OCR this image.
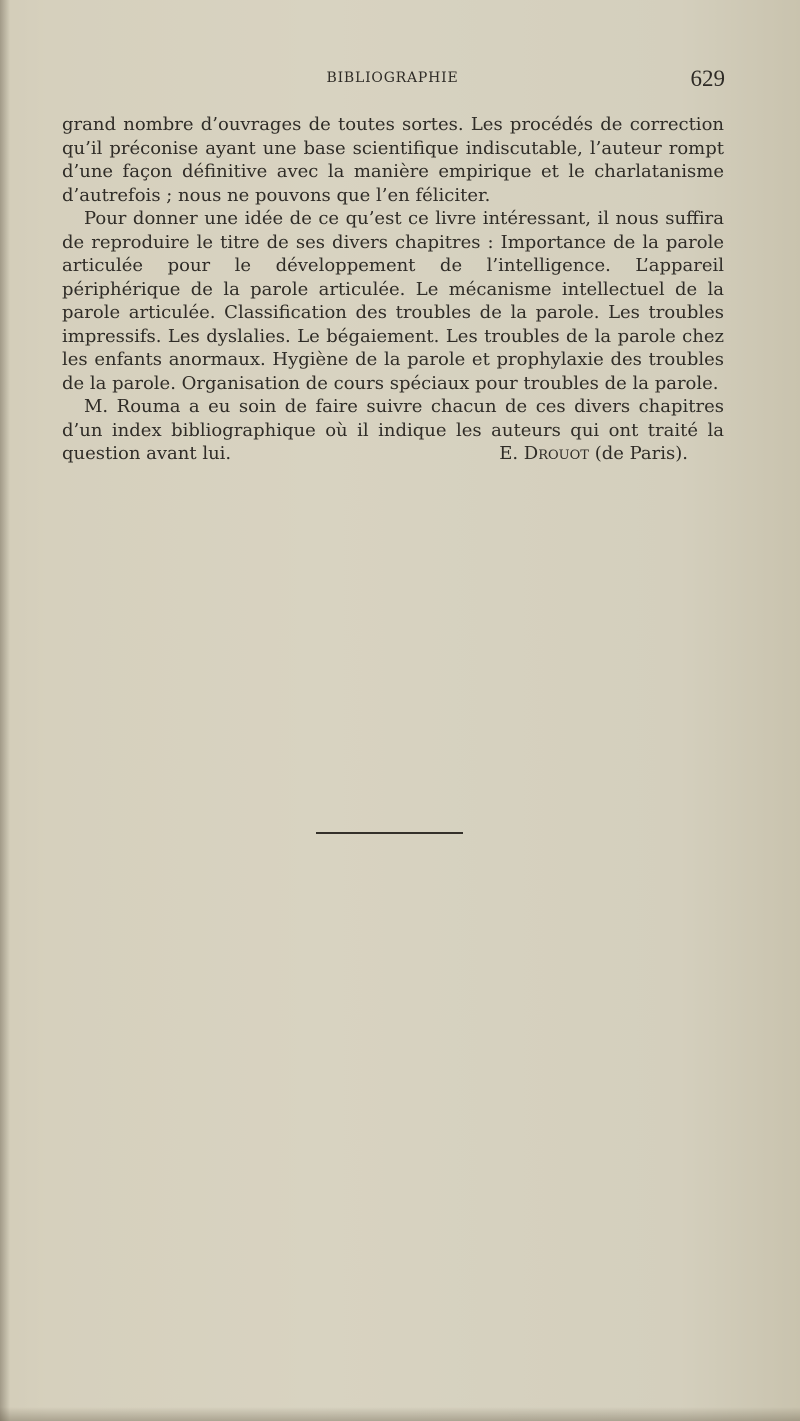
BIBLIOGRAPHIE	629

grand nombre d’ouvrages de toutes sortes. Les procédés de correction qu’il préconise ayant une base scientifique indiscutable, l’auteur rompt d’une façon définitive avec la manière empirique et le charlatanisme d’autrefois ; nous ne pouvons que l’en féliciter.

Pour donner une idée de ce qu’est ce livre intéressant, il nous suffira de reproduire le titre de ses divers chapitres : Importance de la parole articulée pour le développement de l’intelligence. L’appareil périphérique de la parole articulée. Le mécanisme intellectuel de la parole articulée. Classification des troubles de la parole. Les troubles impressifs. Les dyslalies. Le bégaiement. Les troubles de la parole chez les enfants anormaux. Hygiène de la parole et prophylaxie des troubles de la parole. Organisation de cours spéciaux pour troubles de la parole.

M. Rouma a eu soin de faire suivre chacun de ces divers chapitres d’un index bibliographique où il indique les auteurs qui ont traité la question avant lui.	E. Drouot (de Paris).
